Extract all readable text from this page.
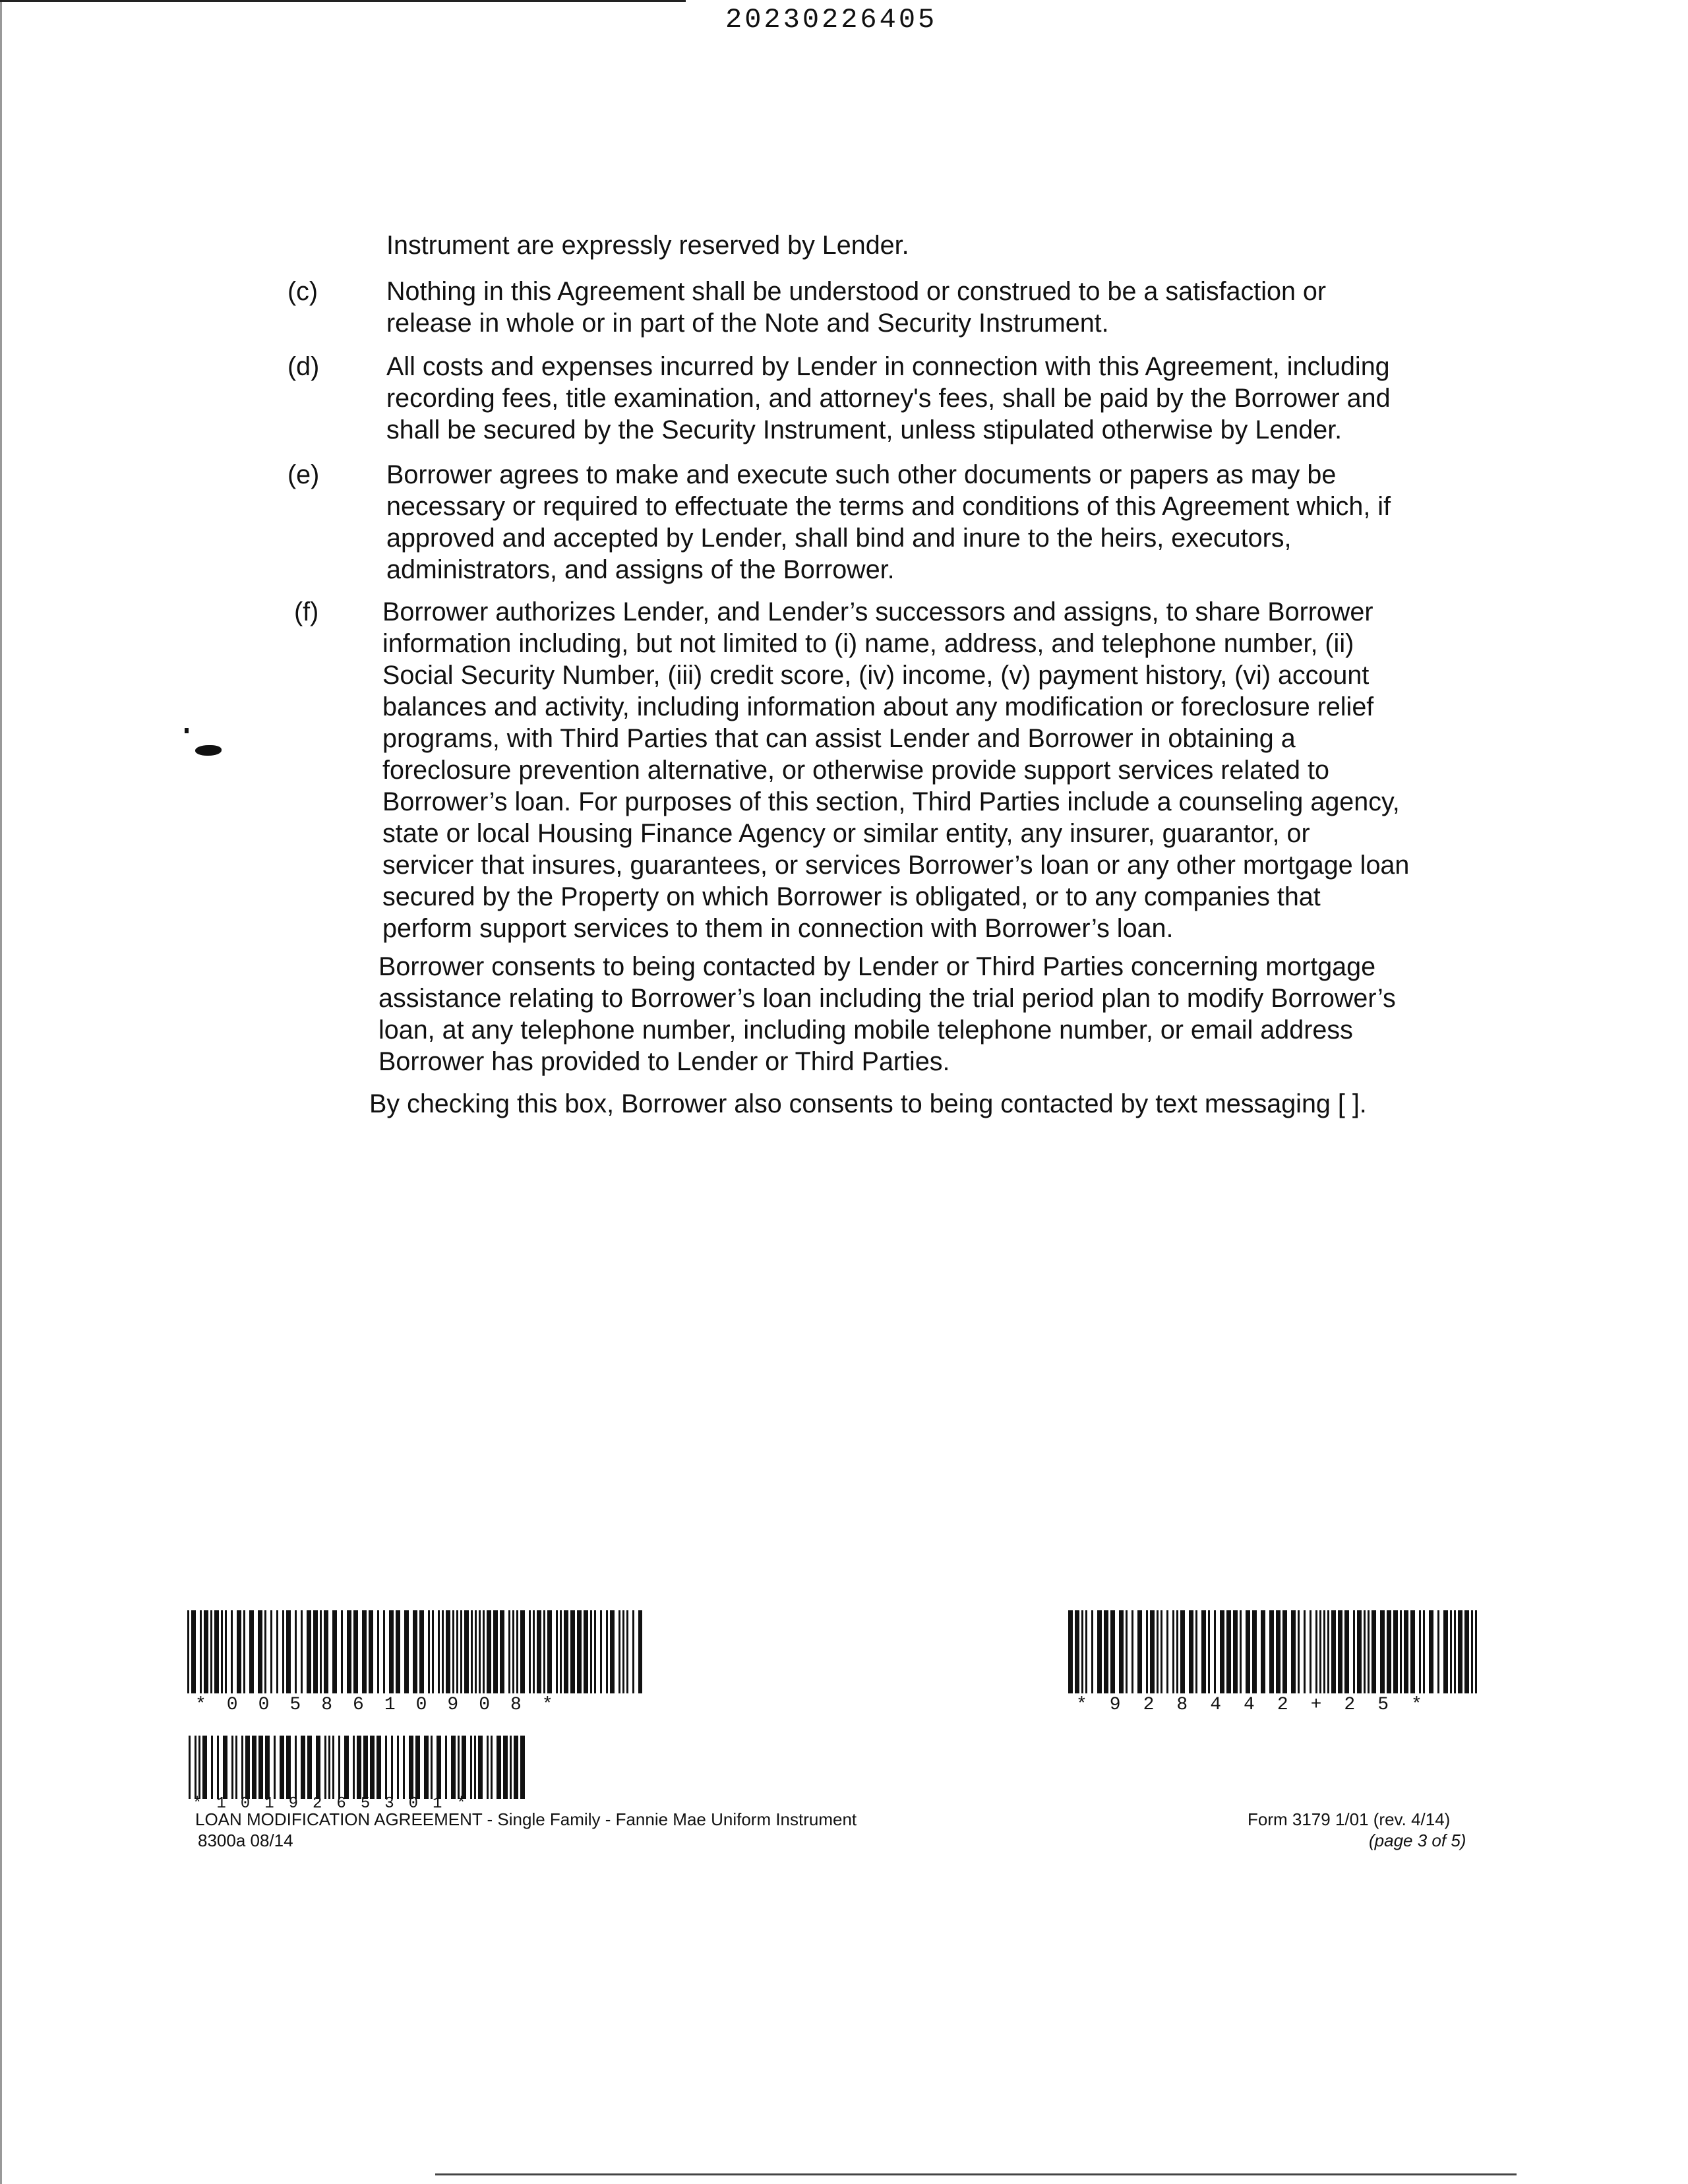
20230226405
Instrument are expressly reserved by Lender.
(c)	Nothing in this Agreement shall be understood or construed to be a satisfaction or
release in whole or in part of the Note and Security Instrument.
(d)	All costs and expenses incurred by Lender in connection with this Agreement, including
recording fees, title examination, and attorney's fees, shall be paid by the Borrower and
shall be secured by the Security Instrument, unless stipulated otherwise by Lender.
(e)	Borrower agrees to make and execute such other documents or papers as may be
necessary or required to effectuate the terms and conditions of this Agreement which, if
approved and accepted by Lender, shall bind and inure to the heirs, executors,
administrators, and assigns of the Borrower.
(f) Borrower authorizes Lender, and Lender’s successors and assigns, to share Borrower
information including, but not limited to (i) name, address, and telephone number, (ii)
Social Security Number, (iii) credit score, (iv) income, (v) payment history, (vi) account
balances and activity, including information about any modification or foreclosure relief
programs, with Third Parties that can assist Lender and Borrower in obtaining a
foreclosure prevention alternative, or otherwise provide support services related to
Borrower’s loan. For purposes of this section, Third Parties include a counseling agency,
state or local Housing Finance Agency or similar entity, any insurer, guarantor, or
servicer that insures, guarantees, or services Borrower’s loan or any other mortgage loan
secured by the Property on which Borrower is obligated, or to any companies that
perform support services to them in connection with Borrower’s loan.
Borrower consents to being contacted by Lender or Third Parties concerning mortgage
assistance relating to Borrower’s loan including the trial period plan to modify Borrower’s
loan, at any telephone number, including mobile telephone number, or email address
Borrower has provided to Lender or Third Parties.
By checking this box, Borrower also consents to being contacted by text messaging [ ].
*0058610908*	*928442+25*
*1019265301*
LOAN MODIFICATION AGREEMENT - Single Family - Fannie Mae Uniform Instrument
8300a 08/14
Form 3179 1/01 (rev. 4/14)
(page 3 of 5)
